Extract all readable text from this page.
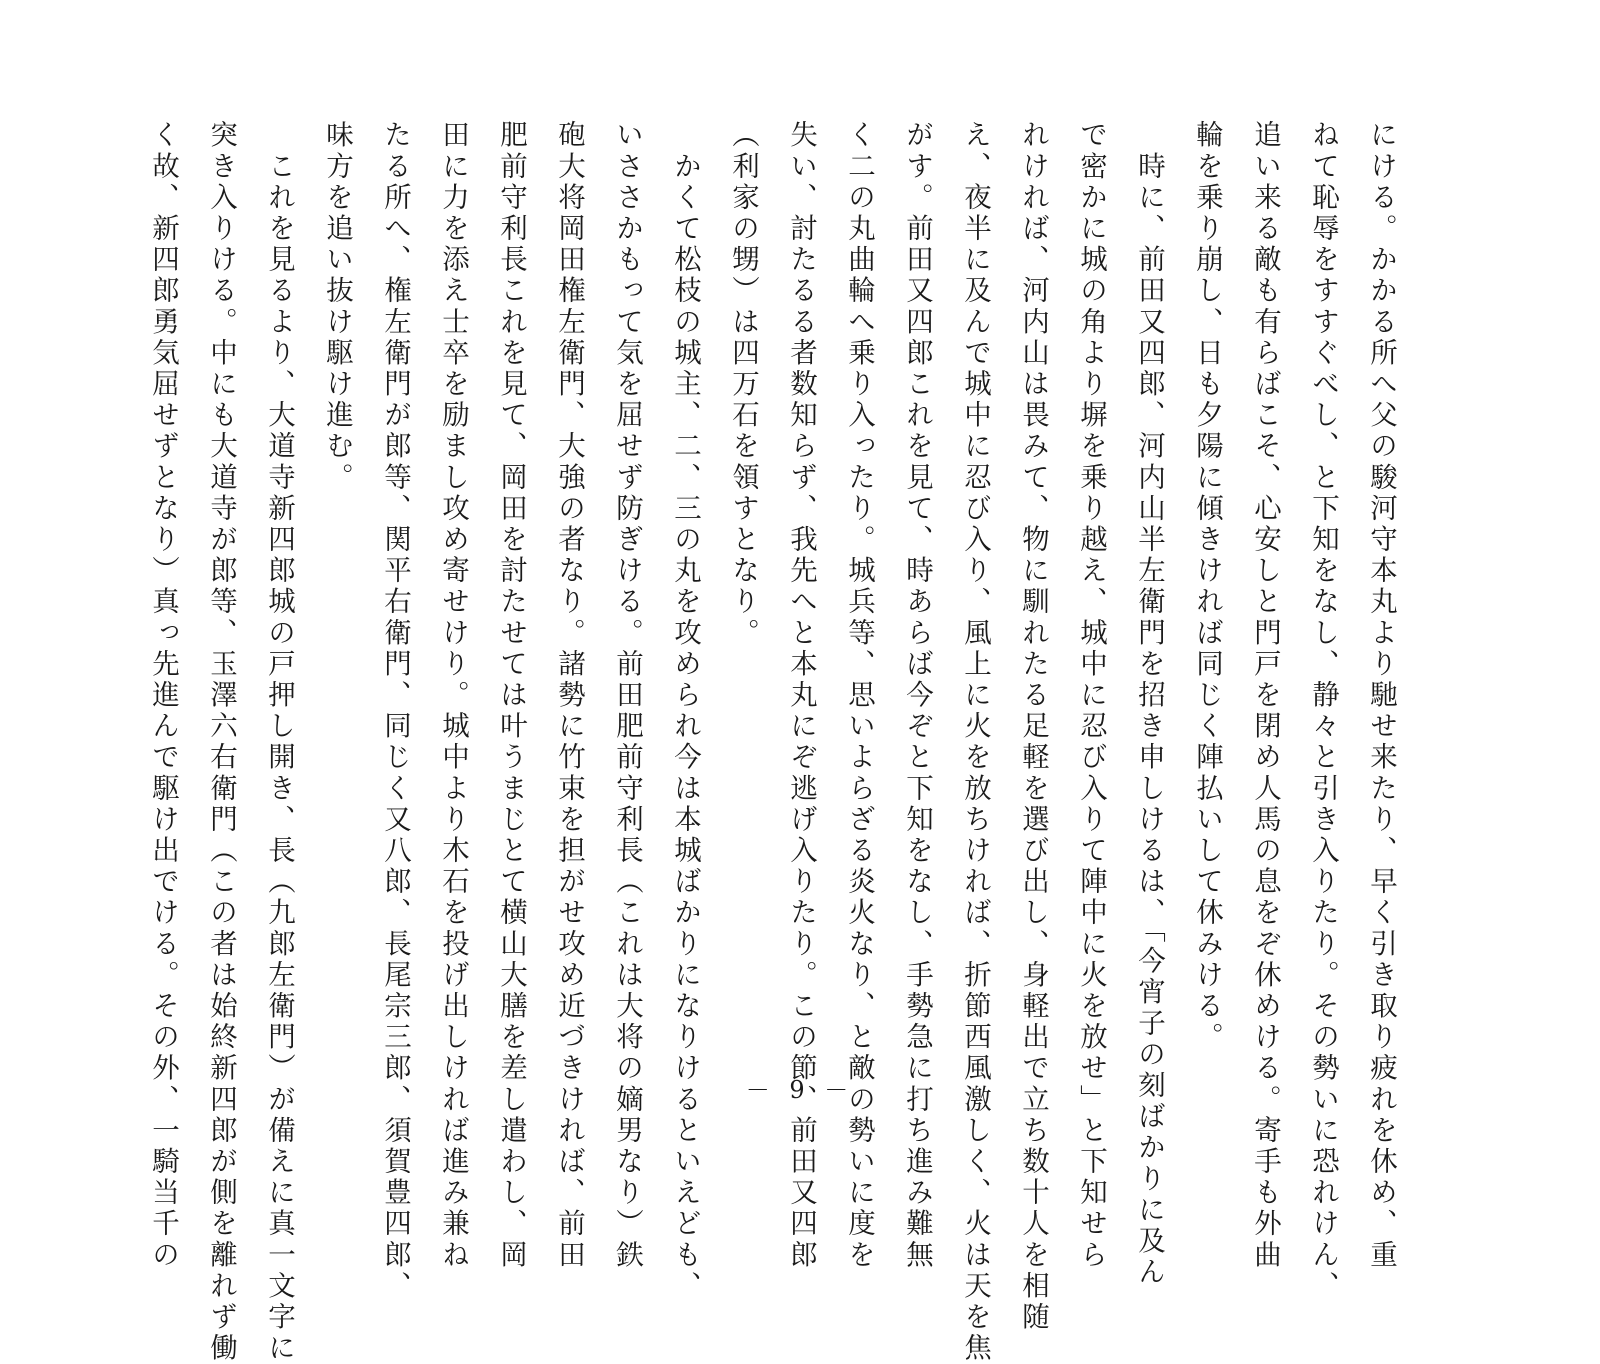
にける。かかる所へ父の駿河守本丸より馳せ来たり、早く引き取り疲れを休め、重
ねて恥辱をすすぐべし、と下知をなし、静々と引き入りたり。その勢いに恐れけん、
追い来る敵も有らばこそ、心安しと門戸を閉め人馬の息をぞ休めける。寄手も外曲
輪を乗り崩し、日も夕陽に傾きければ同じく陣払いして休みける。
　時に、前田又四郎、河内山半左衛門を招き申しけるは、「今宵子の刻ばかりに及ん
で密かに城の角より塀を乗り越え、城中に忍び入りて陣中に火を放せ」と下知せら
れければ、河内山は畏みて、物に馴れたる足軽を選び出し、身軽出で立ち数十人を相随
え、夜半に及んで城中に忍び入り、風上に火を放ちければ、折節西風激しく、火は天を焦
がす。前田又四郎これを見て、時あらば今ぞと下知をなし、手勢急に打ち進み難無
く二の丸曲輪へ乗り入ったり。城兵等、思いよらざる炎火なり、と敵の勢いに度を
失い、討たるる者数知らず、我先へと本丸にぞ逃げ入りたり。この節、前田又四郎
（利家の甥）は四万石を領すとなり。
　かくて松枝の城主、二、三の丸を攻められ今は本城ばかりになりけるといえども、
いささかもって気を屈せず防ぎける。前田肥前守利長（これは大将の嫡男なり）鉄
砲大将岡田権左衛門、大強の者なり。諸勢に竹束を担がせ攻め近づきければ、前田
肥前守利長これを見て、岡田を討たせては叶うまじとて横山大膳を差し遣わし、岡
田に力を添え士卒を励まし攻め寄せけり。城中より木石を投げ出しければ進み兼ね
たる所へ、権左衛門が郎等、関平右衛門、同じく又八郎、長尾宗三郎、須賀豊四郎、
味方を追い抜け駆け進む。
　これを見るより、大道寺新四郎城の戸押し開き、長（九郎左衛門）が備えに真一文字に
突き入りける。中にも大道寺が郎等、玉澤六右衛門（この者は始終新四郎が側を離れず働
く故、新四郎勇気屈せずとなり）真っ先進んで駆け出でける。その外、一騎当千の	－ 9 －
